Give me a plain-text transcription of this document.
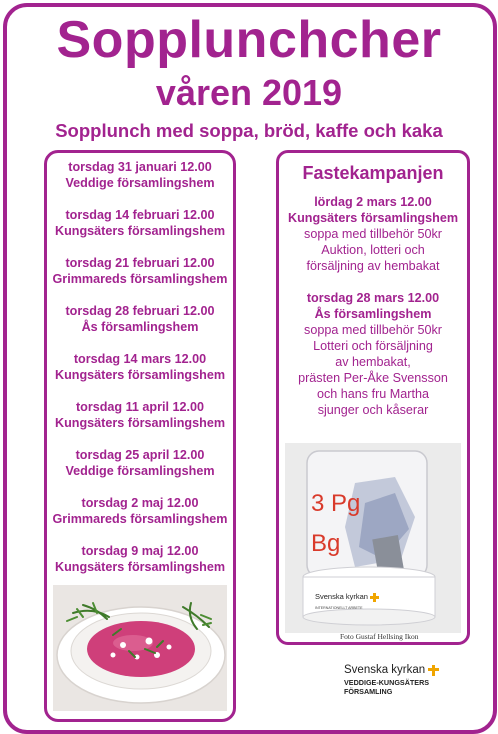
Sopplunchcher
våren 2019
Sopplunch med soppa, bröd, kaffe och kaka
torsdag 31 januari 12.00
Veddige församlingshem
torsdag 14 februari 12.00
Kungsäters församlingshem
torsdag 21 februari 12.00
Grimmareds församlingshem
torsdag 28 februari 12.00
Ås församlingshem
torsdag 14 mars 12.00
Kungsäters församlingshem
torsdag 11 april 12.00
Kungsäters församlingshem
torsdag 25 april 12.00
Veddige församlingshem
torsdag 2 maj 12.00
Grimmareds församlingshem
torsdag 9 maj 12.00
Kungsäters församlingshem
Fastekampanjen
lördag 2 mars 12.00
Kungsäters församlingshem
soppa med tillbehör 50kr
Auktion, lotteri och
försäljning av hembakat
torsdag 28 mars 12.00
Ås församlingshem
soppa med tillbehör 50kr
Lotteri och försäljning
av hembakat,
prästen Per-Åke Svensson
och hans fru Martha
sjunger och kåserar
3 Pg
Bg
Svenska kyrkan
INTERNATIONELLT ARBETE
Foto Gustaf Hellsing Ikon
Svenska kyrkan
VEDDIGE-KUNGSÄTERS
FÖRSAMLING
